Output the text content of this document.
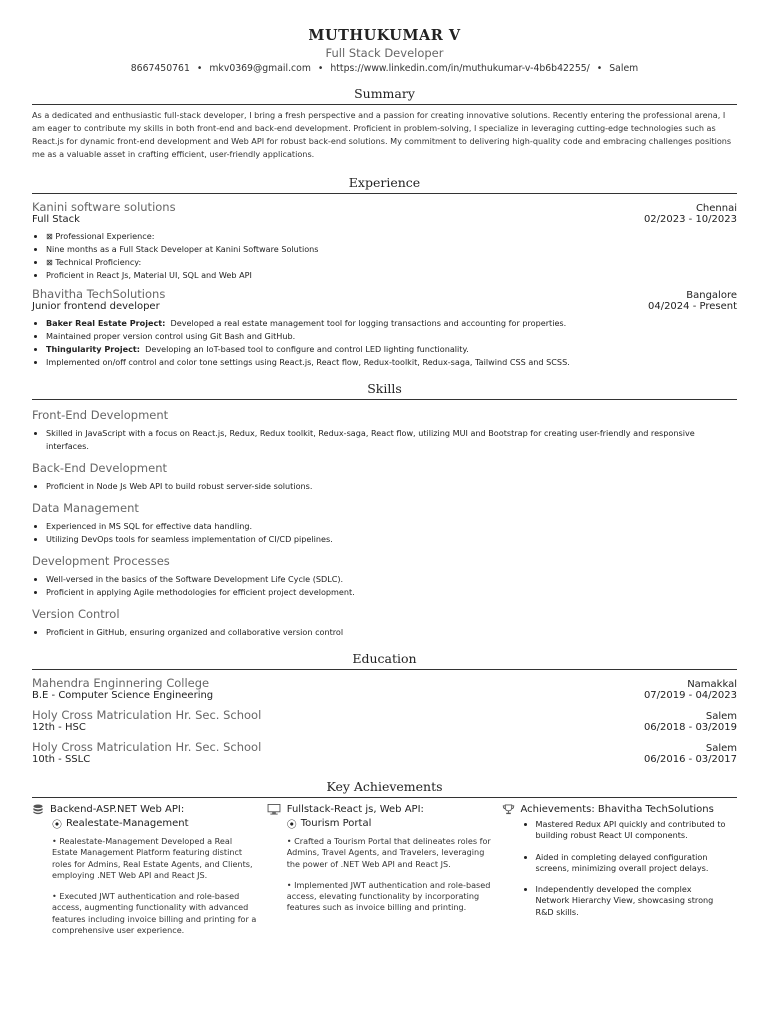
MUTHUKUMAR V
Full Stack Developer
8667450761 • mkv0369@gmail.com • https://www.linkedin.com/in/muthukumar-v-4b6b42255/ • Salem
Summary
As a dedicated and enthusiastic full-stack developer, I bring a fresh perspective and a passion for creating innovative solutions. Recently entering the professional arena, I am eager to contribute my skills in both front-end and back-end development. Proficient in problem-solving, I specialize in leveraging cutting-edge technologies such as React.js for dynamic front-end development and Web API for robust back-end solutions. My commitment to delivering high-quality code and embracing challenges positions me as a valuable asset in crafting efficient, user-friendly applications.
Experience
Kanini software solutions	Chennai
Full Stack	02/2023 - 10/2023
• ⊠ Professional Experience:
• Nine months as a Full Stack Developer at Kanini Software Solutions
• ⊠ Technical Proficiency:
• Proficient in React Js, Material UI, SQL and Web API
Bhavitha TechSolutions	Bangalore
Junior frontend developer	04/2024 - Present
• Baker Real Estate Project: Developed a real estate management tool for logging transactions and accounting for properties.
• Maintained proper version control using Git Bash and GitHub.
• Thingularity Project: Developing an IoT-based tool to configure and control LED lighting functionality.
• Implemented on/off control and color tone settings using React.js, React flow, Redux-toolkit, Redux-saga, Tailwind CSS and SCSS.
Skills
Front-End Development
• Skilled in JavaScript with a focus on React.js, Redux, Redux toolkit, Redux-saga, React flow, utilizing MUI and Bootstrap for creating user-friendly and responsive interfaces.
Back-End Development
• Proficient in Node Js Web API to build robust server-side solutions.
Data Management
• Experienced in MS SQL for effective data handling.
• Utilizing DevOps tools for seamless implementation of CI/CD pipelines.
Development Processes
• Well-versed in the basics of the Software Development Life Cycle (SDLC).
• Proficient in applying Agile methodologies for efficient project development.
Version Control
• Proficient in GitHub, ensuring organized and collaborative version control
Education
Mahendra Enginnering College	Namakkal
B.E - Computer Science Engineering	07/2019 - 04/2023
Holy Cross Matriculation Hr. Sec. School	Salem
12th - HSC	06/2018 - 03/2019
Holy Cross Matriculation Hr. Sec. School	Salem
10th - SSLC	06/2016 - 03/2017
Key Achievements
Backend-ASP.NET Web API:
⦿ Realestate-Management
• Realestate-Management Developed a Real Estate Management Platform featuring distinct roles for Admins, Real Estate Agents, and Clients, employing .NET Web API and React JS.
• Executed JWT authentication and role-based access, augmenting functionality with advanced features including invoice billing and printing for a comprehensive user experience.
Fullstack-React js, Web API:
⦿ Tourism Portal
• Crafted a Tourism Portal that delineates roles for Admins, Travel Agents, and Travelers, leveraging the power of .NET Web API and React JS.
• Implemented JWT authentication and role-based access, elevating functionality by incorporating features such as invoice billing and printing.
Achievements: Bhavitha TechSolutions
• Mastered Redux API quickly and contributed to building robust React UI components.
• Aided in completing delayed configuration screens, minimizing overall project delays.
• Independently developed the complex Network Hierarchy View, showcasing strong R&D skills.
